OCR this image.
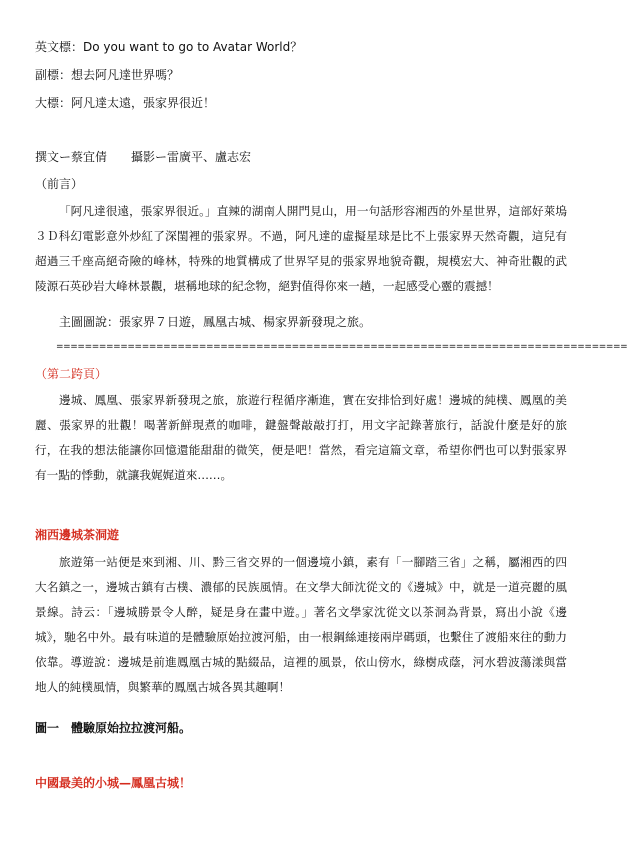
英文標：Do you want to go to Avatar World？
副標：想去阿凡達世界嗎？
大標：阿凡達太遠，張家界很近！
撰文ー蔡宜倩　　攝影ー雷廣平、盧志宏
（前言）
「阿凡達很遠，張家界很近。」直辣的湖南人開門見山，用一句話形容湘西的外星世界，這部好萊塢３Ｄ科幻電影意外炒紅了深閨裡的張家界。不過，阿凡達的虛擬星球是比不上張家界天然奇觀，這兒有超過三千座高絕奇險的峰林，特殊的地質構成了世界罕見的張家界地貌奇觀，規模宏大、神奇壯觀的武陵源石英砂岩大峰林景觀，堪稱地球的紀念物，絕對值得你來一趟，一起感受心靈的震撼！
主圖圖說：張家界７日遊，鳳凰古城、楊家界新發現之旅。
================================================================================
（第二跨頁）
邊城、鳳凰、張家界新發現之旅，旅遊行程循序漸進，實在安排恰到好處！邊城的純樸、鳳凰的美麗、張家界的壯觀！喝著新鮮現煮的咖啡，鍵盤聲敲敲打打，用文字記錄著旅行，話說什麼是好的旅行，在我的想法能讓你回憶還能甜甜的微笑，便是吧！當然，看完這篇文章，希望你們也可以對張家界有一點的悸動，就讓我娓娓道來……。
湘西邊城茶洞遊
旅遊第一站便是來到湘、川、黔三省交界的一個邊境小鎮，素有「一腳踏三省」之稱，屬湘西的四大名鎮之一，邊城古鎮有古樸、濃郁的民族風情。在文學大師沈從文的《邊城》中，就是一道亮麗的風景線。詩云：「邊城勝景令人醉，疑是身在畫中遊。」著名文學家沈從文以茶洞為背景，寫出小說《邊城》，馳名中外。最有味道的是體驗原始拉渡河船，由一根鋼絲連接兩岸碼頭，也繫住了渡船來往的動力依靠。導遊說：邊城是前進鳳凰古城的點綴品，這裡的風景，依山傍水，綠樹成蔭，河水碧波蕩漾與當地人的純樸風情，與繁華的鳳凰古城各異其趣啊！
圖一　體驗原始拉拉渡河船。
中國最美的小城—鳳凰古城！
